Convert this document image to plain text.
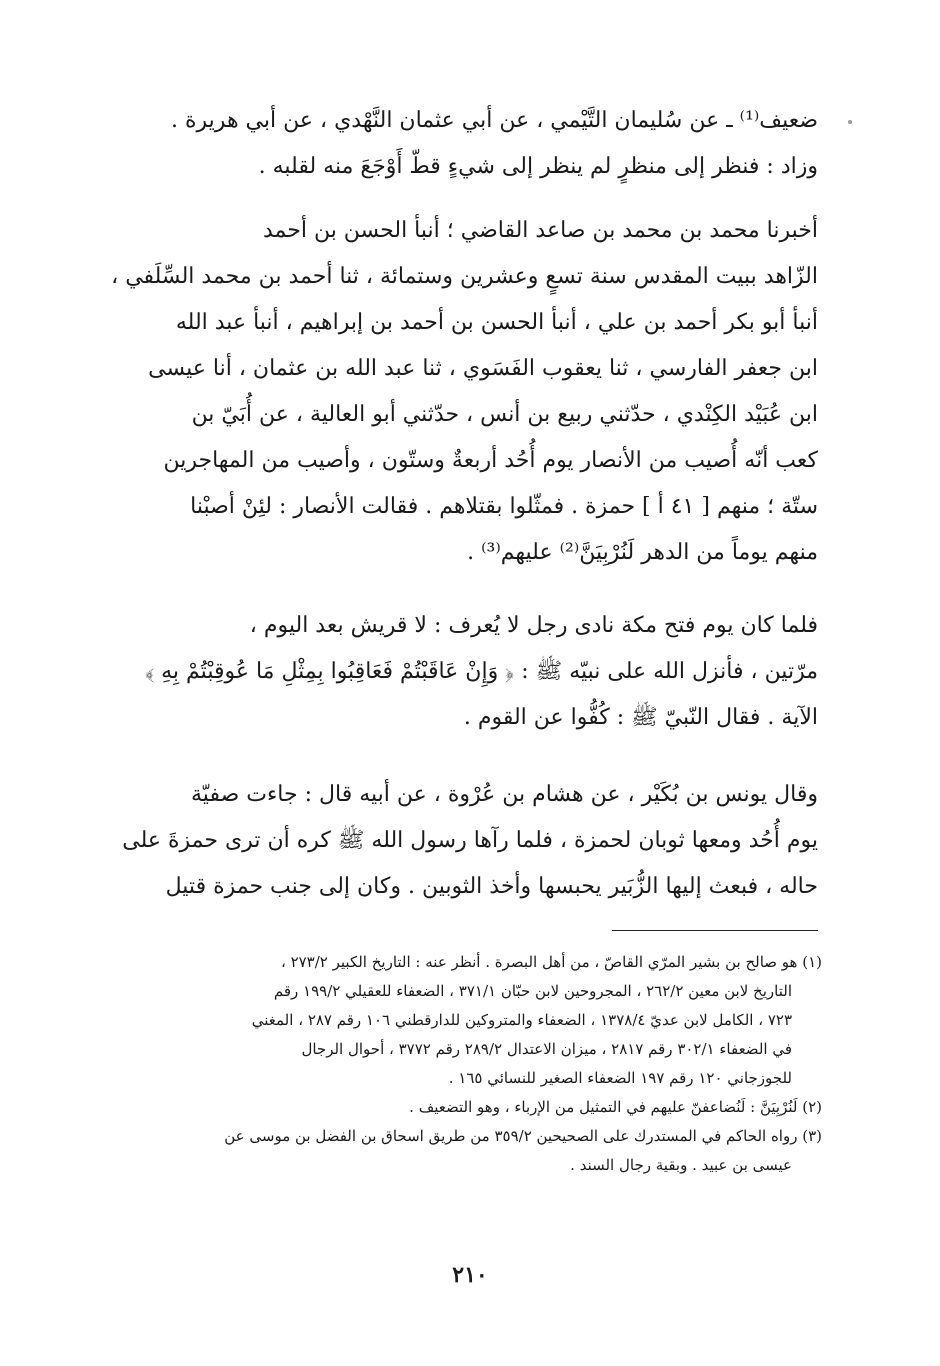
ضعيف⁽¹⁾ ـ عن سُليمان التَّيْمي ، عن أبي عثمان النَّهْدي ، عن أبي هريرة .
وزاد : فنظر إلى منظرٍ لم ينظر إلى شيءٍ قطّ أَوْجَعَ منه لقلبه .
أخبرنا محمد بن محمد بن صاعد القاضي ؛ أنبأ الحسن بن أحمد
الزّاهد ببيت المقدس سنة تسعٍ وعشرين وستمائة ، ثنا أحمد بن محمد السِّلَفي ،
أنبأ أبو بكر أحمد بن علي ، أنبأ الحسن بن أحمد بن إبراهيم ، أنبأ عبد الله
ابن جعفر الفارسي ، ثنا يعقوب الفَسَوي ، ثنا عبد الله بن عثمان ، أنا عيسى
ابن عُبَيْد الكِنْدي ، حدّثني ربيع بن أنس ، حدّثني أبو العالية ، عن أُبَيّ بن
كعب أنّه أُصيب من الأنصار يوم أُحُد أربعةٌ وستّون ، وأصيب من المهاجرين
ستّة ؛ منهم [ ٤١ أ ] حمزة . فمثّلوا بقتلاهم . فقالت الأنصار : لئِنْ أصبْنا
منهم يوماً من الدهر لَنُرْبِيَنَّ⁽²⁾ عليهم⁽³⁾ .
فلما كان يوم فتح مكة نادى رجل لا يُعرف : لا قريش بعد اليوم ،
مرّتين ، فأنزل الله على نبيّه ﷺ : ﴿ وَإِنْ عَاقَبْتُمْ فَعَاقِبُوا بِمِثْلِ مَا عُوقِبْتُمْ بِهِ ﴾
الآية . فقال النّبيّ ﷺ : كُفُّوا عن القوم .
وقال يونس بن بُكَيْر ، عن هشام بن عُرْوة ، عن أبيه قال : جاءت صفيّة
يوم أُحُد ومعها ثوبان لحمزة ، فلما رآها رسول الله ﷺ كره أن ترى حمزةَ على
حاله ، فبعث إليها الزُّبَير يحبسها وأخذ الثوبين . وكان إلى جنب حمزة قتيل
(١) هو صالح بن بشير المرّي القاصّ ، من أهل البصرة . أنظر عنه : التاريخ الكبير ٢٧٣/٢ ،
التاريخ لابن معين ٢٦٢/٢ ، المجروحين لابن حبّان ٣٧١/١ ، الضعفاء للعقيلي ١٩٩/٢ رقم
٧٢٣ ، الكامل لابن عديّ ١٣٧٨/٤ ، الضعفاء والمتروكين للدارقطني ١٠٦ رقم ٢٨٧ ، المغني
في الضعفاء ٣٠٢/١ رقم ٢٨١٧ ، ميزان الاعتدال ٢٨٩/٢ رقم ٣٧٧٢ ، أحوال الرجال
للجوزجاني ١٢٠ رقم ١٩٧ الضعفاء الصغير للنسائي ١٦٥ .
(٢) لَنُرْبِيَنَّ : لَنُضاعفنّ عليهم في التمثيل من الإرباء ، وهو التضعيف .
(٣) رواه الحاكم في المستدرك على الصحيحين ٣٥٩/٢ من طريق اسحاق بن الفضل بن موسى عن
عيسى بن عبيد . وبقية رجال السند .
٢١٠
